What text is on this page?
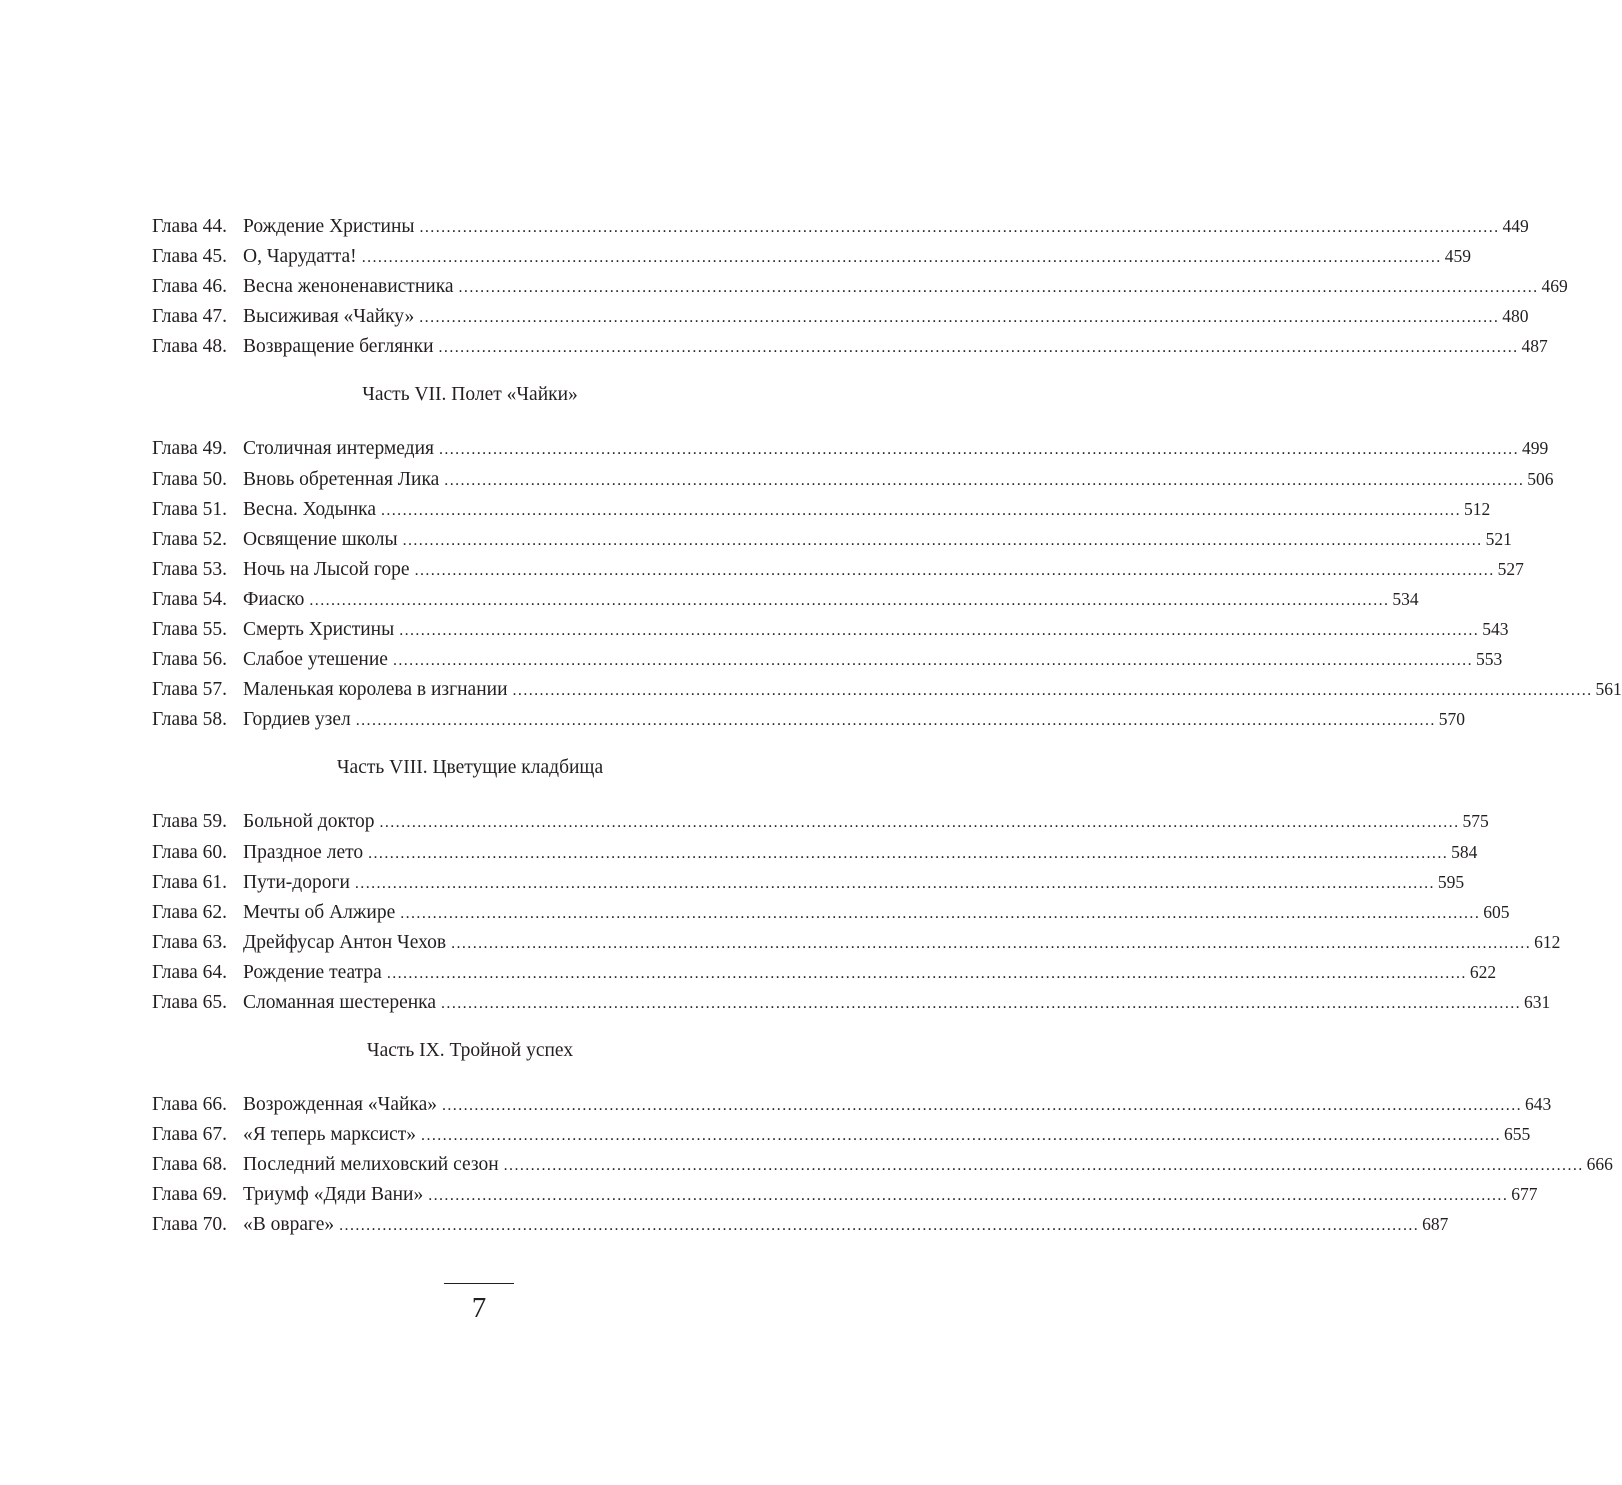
Глава 44. Рождение Христины ........................................................................................................................................................................................................ 449
Глава 45. О, Чарудатта! ........................................................................................................................................................................................................ 459
Глава 46. Весна женоненавистника ........................................................................................................................................................................................................ 469
Глава 47. Высиживая «Чайку» ........................................................................................................................................................................................................ 480
Глава 48. Возвращение беглянки ........................................................................................................................................................................................................ 487
Часть VII. Полет «Чайки»
Глава 49. Столичная интермедия ........................................................................................................................................................................................................ 499
Глава 50. Вновь обретенная Лика ........................................................................................................................................................................................................ 506
Глава 51. Весна. Ходынка ........................................................................................................................................................................................................ 512
Глава 52. Освящение школы ........................................................................................................................................................................................................ 521
Глава 53. Ночь на Лысой горе ........................................................................................................................................................................................................ 527
Глава 54. Фиаско ........................................................................................................................................................................................................ 534
Глава 55. Смерть Христины ........................................................................................................................................................................................................ 543
Глава 56. Слабое утешение ........................................................................................................................................................................................................ 553
Глава 57. Маленькая королева в изгнании ........................................................................................................................................................................................................ 561
Глава 58. Гордиев узел ........................................................................................................................................................................................................ 570
Часть VIII. Цветущие кладбища
Глава 59. Больной доктор ........................................................................................................................................................................................................ 575
Глава 60. Праздное лето ........................................................................................................................................................................................................ 584
Глава 61. Пути-дороги ........................................................................................................................................................................................................ 595
Глава 62. Мечты об Алжире ........................................................................................................................................................................................................ 605
Глава 63. Дрейфусар Антон Чехов ........................................................................................................................................................................................................ 612
Глава 64. Рождение театра ........................................................................................................................................................................................................ 622
Глава 65. Сломанная шестеренка ........................................................................................................................................................................................................ 631
Часть IX. Тройной успех
Глава 66. Возрожденная «Чайка» ........................................................................................................................................................................................................ 643
Глава 67. «Я теперь марксист» ........................................................................................................................................................................................................ 655
Глава 68. Последний мелиховский сезон ........................................................................................................................................................................................................ 666
Глава 69. Триумф «Дяди Вани» ........................................................................................................................................................................................................ 677
Глава 70. «В овраге» ........................................................................................................................................................................................................ 687
7
